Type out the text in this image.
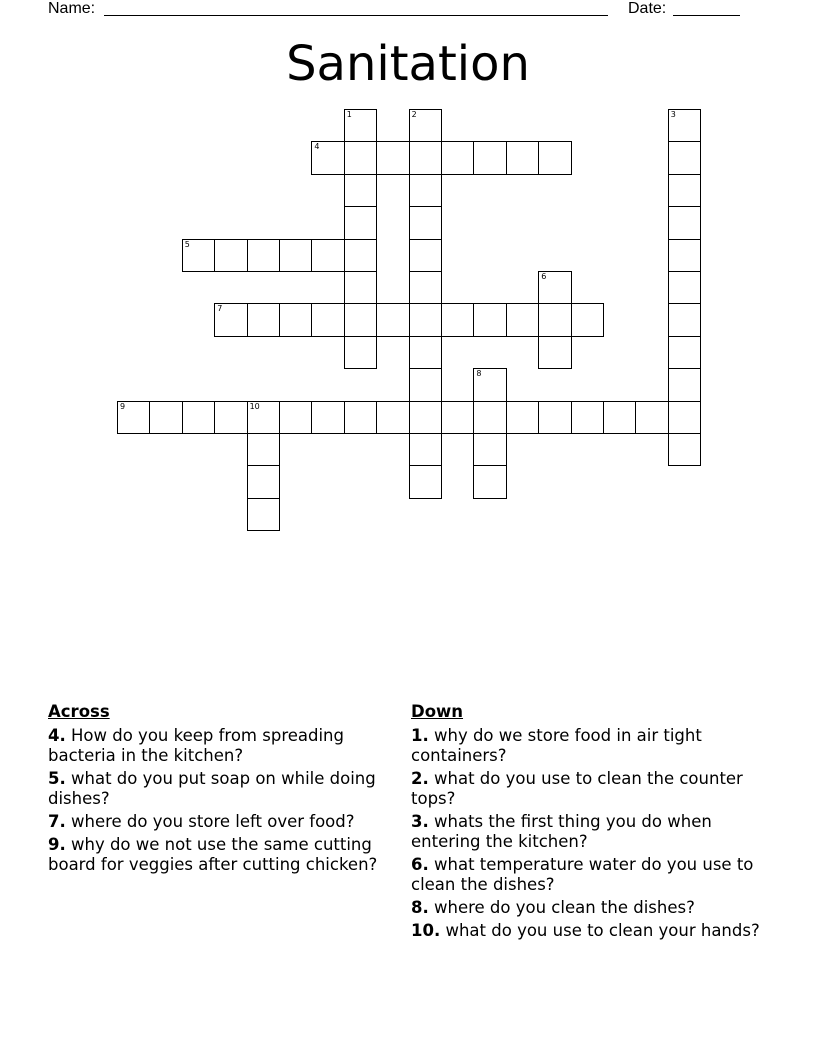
Name:	Date:
Sanitation
4
5
7
9	10
1	2	3
6
8
Across
4. How do you keep from spreading bacteria in the kitchen?
5. what do you put soap on while doing dishes?
7. where do you store left over food?
9. why do we not use the same cutting board for veggies after cutting chicken?
Down
1. why do we store food in air tight containers?
2. what do you use to clean the counter tops?
3. whats the first thing you do when entering the kitchen?
6. what temperature water do you use to clean the dishes?
8. where do you clean the dishes?
10. what do you use to clean your hands?
